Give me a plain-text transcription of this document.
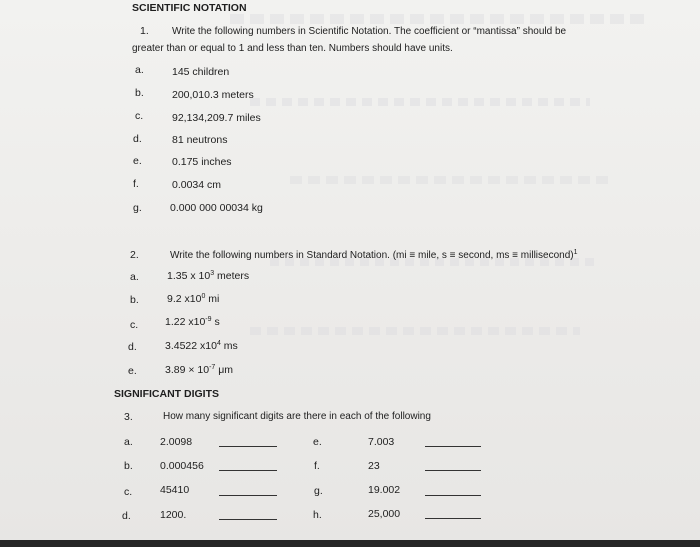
SCIENTIFIC NOTATION
1. Write the following numbers in Scientific Notation. The coefficient or “mantissa” should be
greater than or equal to 1 and less than ten. Numbers should have units.
a.	145 children
b.	200,010.3 meters
c.	92,134,209.7 miles
d.	81 neutrons
e.	0.175 inches
f.	0.0034 cm
g.	0.000 000 00034 kg
2.	Write the following numbers in Standard Notation. (mi ≡ mile, s ≡ second, ms ≡ millisecond)$^1$
a.	1.35 x $10^3$ meters
b.	9.2 $x10^0$ mi
c.	1.22 $x10^{-9}$ s
d.	3.4522 $x10^4$ ms
e.	$3.89 \times 10^{-7}$ μm
SIGNIFICANT DIGITS
3.	How many significant digits are there in each of the following
a.	2.0098
b.	0.000456
c.	45410
d.	1200.
e.	7.003
f.	23
g.	19.002
h.	25,000
